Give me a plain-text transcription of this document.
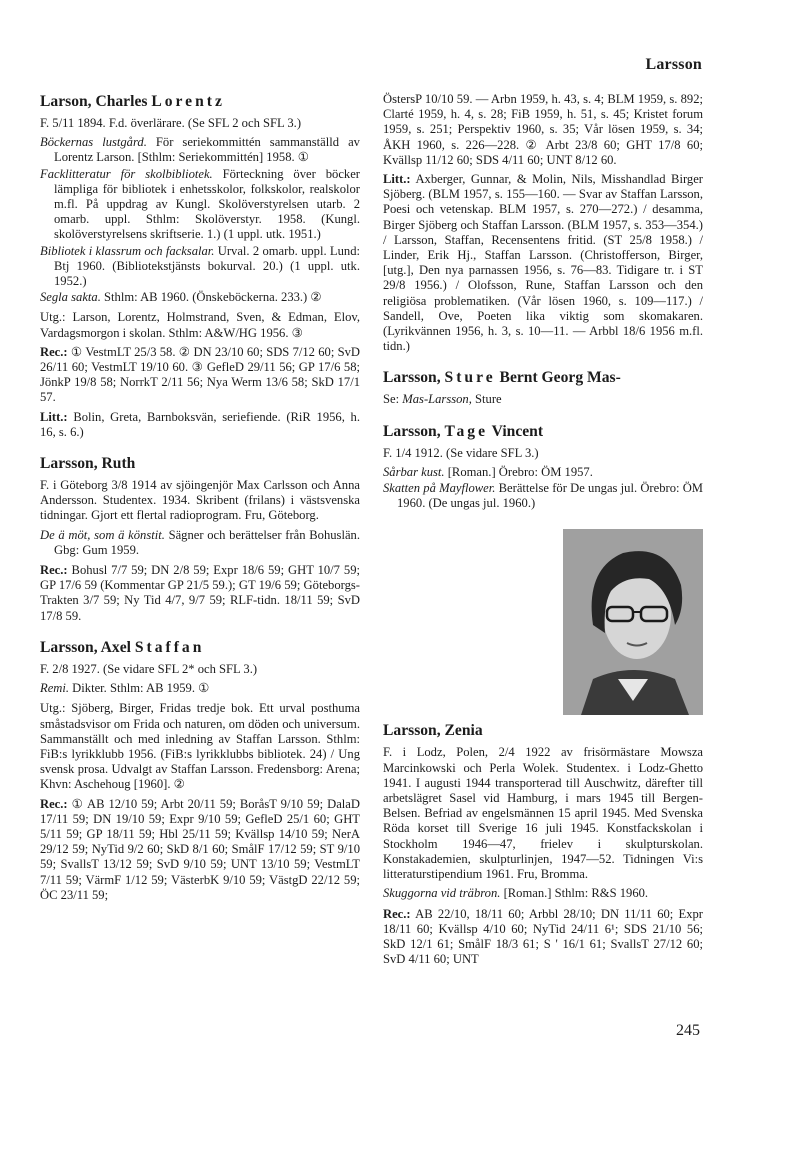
Larsson
Larson, Charles Lorentz
F. 5/11 1894. F.d. överlärare. (Se SFL 2 och SFL 3.)
Böckernas lustgård. För seriekommittén sammanställd av Lorentz Larson. [Sthlm: Seriekommittén] 1958. ①
Facklitteratur för skolbibliotek. Förteckning över böcker lämpliga för bibliotek i enhetsskolor, folkskolor, realskolor m.fl. På uppdrag av Kungl. Skolöverstyrelsen utarb. 2 omarb. uppl. Sthlm: Skolöverstyr. 1958. (Kungl. skolöverstyrelsens skriftserie. 1.) (1 uppl. utk. 1951.)
Bibliotek i klassrum och facksalar. Urval. 2 omarb. uppl. Lund: Btj 1960. (Bibliotekstjänsts bokurval. 20.) (1 uppl. utk. 1952.)
Segla sakta. Sthlm: AB 1960. (Önskeböckerna. 233.) ②
Utg.: Larson, Lorentz, Holmstrand, Sven, & Edman, Elov, Vardagsmorgon i skolan. Sthlm: A&W/HG 1956. ③
Rec.: ① VestmLT 25/3 58. ② DN 23/10 60; SDS 7/12 60; SvD 26/11 60; VestmLT 19/10 60. ③ GefleD 29/11 56; GP 17/6 58; JönkP 19/8 58; NorrkT 2/11 56; Nya Werm 13/6 58; SkD 17/1 57.
Litt.: Bolin, Greta, Barnboksvän, seriefiende. (RiR 1956, h. 16, s. 6.)
Larsson, Ruth
F. i Göteborg 3/8 1914 av sjöingenjör Max Carlsson och Anna Andersson. Studentex. 1934. Skribent (frilans) i västsvenska tidningar. Gjort ett flertal radioprogram. Fru, Göteborg.
De ä möt, som ä könstit. Sägner och berättelser från Bohuslän. Gbg: Gum 1959.
Rec.: Bohusl 7/7 59; DN 2/8 59; Expr 18/6 59; GHT 10/7 59; GP 17/6 59 (Kommentar GP 21/5 59.); GT 19/6 59; Göteborgs-Trakten 3/7 59; Ny Tid 4/7, 9/7 59; RLF-tidn. 18/11 59; SvD 17/8 59.
Larsson, Axel Staffan
F. 2/8 1927. (Se vidare SFL 2* och SFL 3.)
Remi. Dikter. Sthlm: AB 1959. ①
Utg.: Sjöberg, Birger, Fridas tredje bok. Ett urval posthuma småstadsvisor om Frida och naturen, om döden och universum. Sammanställt och med inledning av Staffan Larsson. Sthlm: FiB:s lyrikklubb 1956. (FiB:s lyrikklubbs bibliotek. 24) / Ung svensk prosa. Udvalgt av Staffan Larsson. Fredensborg: Arena; Khvn: Aschehoug [1960]. ②
Rec.: ① AB 12/10 59; Arbt 20/11 59; BoråsT 9/10 59; DalaD 17/11 59; DN 19/10 59; Expr 9/10 59; GefleD 25/1 60; GHT 5/11 59; GP 18/11 59; Hbl 25/11 59; Kvällsp 14/10 59; NerA 29/12 59; NyTid 9/2 60; SkD 8/1 60; SmålF 17/12 59; ST 9/10 59; SvallsT 13/12 59; SvD 9/10 59; UNT 13/10 59; VestmLT 7/11 59; VärmF 1/12 59; VästerbK 9/10 59; VästgD 22/12 59; ÖC 23/11 59;
ÖstersP 10/10 59. — Arbn 1959, h. 43, s. 4; BLM 1959, s. 892; Clarté 1959, h. 4, s. 28; FiB 1959, h. 51, s. 45; Kristet forum 1959, s. 251; Perspektiv 1960, s. 35; Vår lösen 1959, s. 34; ÅKH 1960, s. 226—228. ② Arbt 23/8 60; GHT 17/8 60; Kvällsp 11/12 60; SDS 4/11 60; UNT 8/12 60.
Litt.: Axberger, Gunnar, & Molin, Nils, Misshandlad Birger Sjöberg. (BLM 1957, s. 155—160. — Svar av Staffan Larsson, Poesi och vetenskap. BLM 1957, s. 270—272.) / desamma, Birger Sjöberg och Staffan Larsson. (BLM 1957, s. 353—354.) / Larsson, Staffan, Recensentens fritid. (ST 25/8 1958.) / Linder, Erik Hj., Staffan Larsson. (Christofferson, Birger, [utg.], Den nya parnassen 1956, s. 76—83. Tidigare tr. i ST 29/8 1956.) / Olofsson, Rune, Staffan Larsson och den religiösa problematiken. (Vår lösen 1960, s. 109—117.) / Sandell, Ove, Poeten lika viktig som skomakaren. (Lyrikvännen 1956, h. 3, s. 10—11. — Arbbl 18/6 1956 m.fl. tidn.)
Larsson, Sture Bernt Georg Mas-
Se: Mas-Larsson, Sture
Larsson, Tage Vincent
F. 1/4 1912. (Se vidare SFL 3.)
Sårbar kust. [Roman.] Örebro: ÖM 1957.
Skatten på Mayflower. Berättelse för De ungas jul. Örebro: ÖM 1960. (De ungas jul. 1960.)
Larsson, Zenia
F. i Lodz, Polen, 2/4 1922 av frisörmästare Mowsza Marcinkowski och Perla Wolek. Studentex. i Lodz-Ghetto 1941. I augusti 1944 transporterad till Auschwitz, därefter till arbetslägret Sasel vid Hamburg, i mars 1945 till Bergen-Belsen. Befriad av engelsmännen 15 april 1945. Med Svenska Röda korset till Sverige 16 juli 1945. Konstfackskolan i Stockholm 1946—47, frielev i skulpturskolan. Konstakademien, skulpturlinjen, 1947—52. Tidningen Vi:s litteraturstipendium 1961. Fru, Bromma.
Skuggorna vid träbron. [Roman.] Sthlm: R&S 1960.
Rec.: AB 22/10, 18/11 60; Arbbl 28/10; DN 11/11 60; Expr 18/11 60; Kvällsp 4/10 60; NyTid 24/11 6¹; SDS 21/10 56; SkD 12/1 61; SmålF 18/3 61; S ' 16/1 61; SvallsT 27/12 60; SvD 4/11 60; UNT
245
